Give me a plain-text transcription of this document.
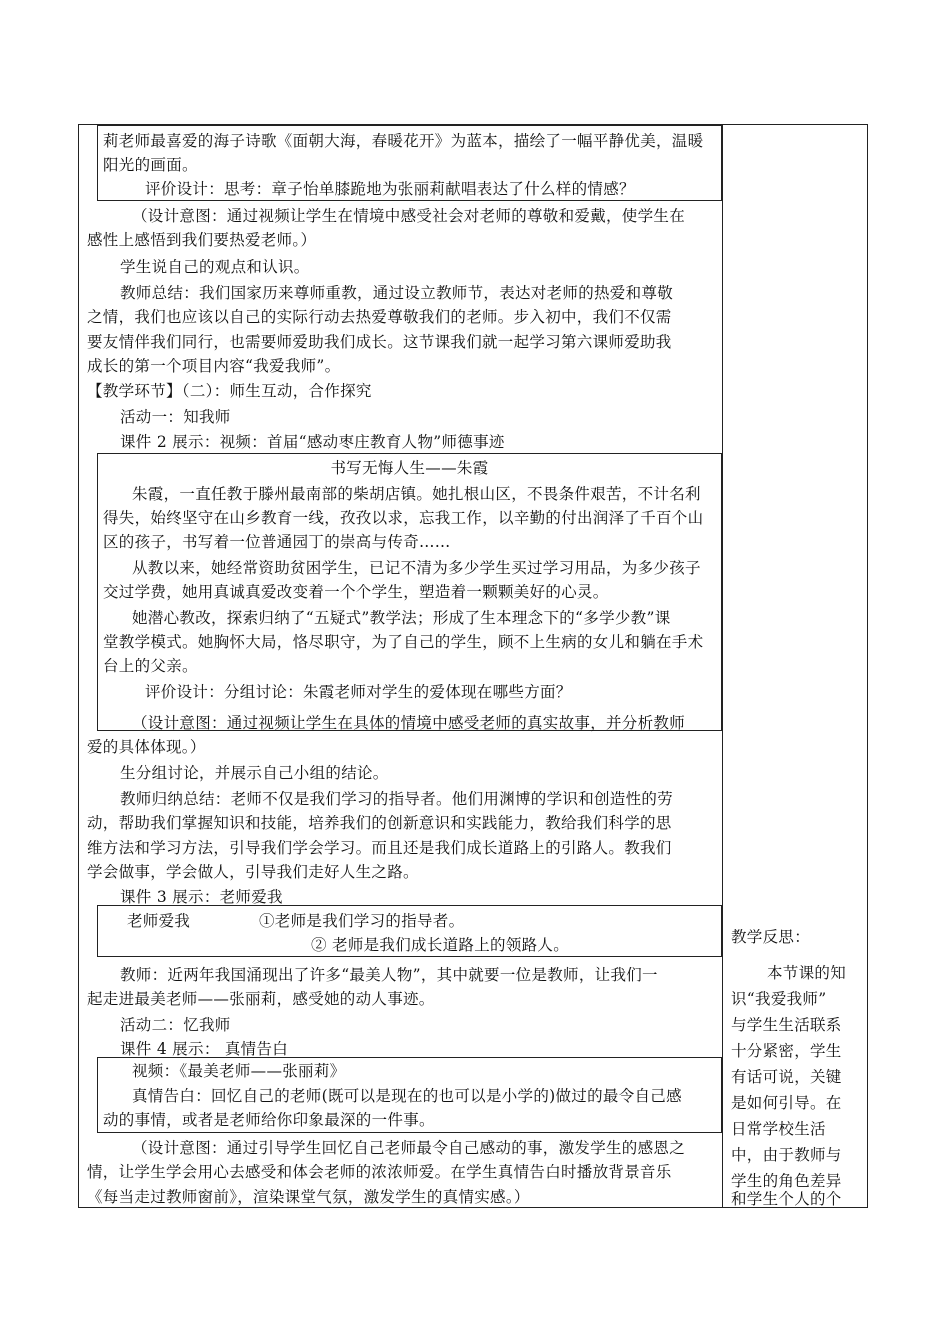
莉老师最喜爱的海子诗歌《面朝大海，春暖花开》为蓝本，描绘了一幅平静优美，温暖
阳光的画面。
评价设计：思考：章子怡单膝跪地为张丽莉献唱表达了什么样的情感？
（设计意图：通过视频让学生在情境中感受社会对老师的尊敬和爱戴，使学生在
感性上感悟到我们要热爱老师。）
学生说自己的观点和认识。
教师总结：我们国家历来尊师重教，通过设立教师节，表达对老师的热爱和尊敬
之情，我们也应该以自己的实际行动去热爱尊敬我们的老师。步入初中，我们不仅需
要友情伴我们同行，也需要师爱助我们成长。这节课我们就一起学习第六课师爱助我
成长的第一个项目内容“我爱我师”。
【教学环节】（二）：师生互动，合作探究
活动一：知我师
课件 2 展示：视频：首届“感动枣庄教育人物”师德事迹
书写无悔人生——朱霞
朱霞，一直任教于滕州最南部的柴胡店镇。她扎根山区，不畏条件艰苦，不计名利
得失，始终坚守在山乡教育一线，孜孜以求，忘我工作，以辛勤的付出润泽了千百个山
区的孩子，书写着一位普通园丁的崇高与传奇……
从教以来，她经常资助贫困学生，已记不清为多少学生买过学习用品，为多少孩子
交过学费，她用真诚真爱改变着一个个学生，塑造着一颗颗美好的心灵。
她潜心教改，探索归纳了“五疑式”教学法；形成了生本理念下的“多学少教”课
堂教学模式。她胸怀大局，恪尽职守，为了自己的学生，顾不上生病的女儿和躺在手术
台上的父亲。
评价设计：分组讨论：朱霞老师对学生的爱体现在哪些方面？
（设计意图：通过视频让学生在具体的情境中感受老师的真实故事，并分析教师
爱的具体体现。）
生分组讨论，并展示自己小组的结论。
教师归纳总结：老师不仅是我们学习的指导者。他们用渊博的学识和创造性的劳
动，帮助我们掌握知识和技能，培养我们的创新意识和实践能力，教给我们科学的思
维方法和学习方法，引导我们学会学习。而且还是我们成长道路上的引路人。教我们
学会做事，学会做人，引导我们走好人生之路。
课件 3 展示：老师爱我
老师爱我	①老师是我们学习的指导者。
② 老师是我们成长道路上的领路人。
教师：近两年我国涌现出了许多“最美人物”，其中就要一位是教师，让我们一
起走进最美老师——张丽莉，感受她的动人事迹。
活动二：忆我师
课件 4 展示： 真情告白
视频：《最美老师——张丽莉》
真情告白：回忆自己的老师(既可以是现在的也可以是小学的)做过的最令自己感
动的事情，或者是老师给你印象最深的一件事。
（设计意图：通过引导学生回忆自己老师最令自己感动的事，激发学生的感恩之
情，让学生学会用心去感受和体会老师的浓浓师爱。在学生真情告白时播放背景音乐
《每当走过教师窗前》，渲染课堂气氛，激发学生的真情实感。）
教学反思：
本节课的知
识“我爱我师”
与学生生活联系
十分紧密，学生
有话可说，关键
是如何引导。在
日常学校生活
中，由于教师与
学生的角色差异
和学生个人的个
